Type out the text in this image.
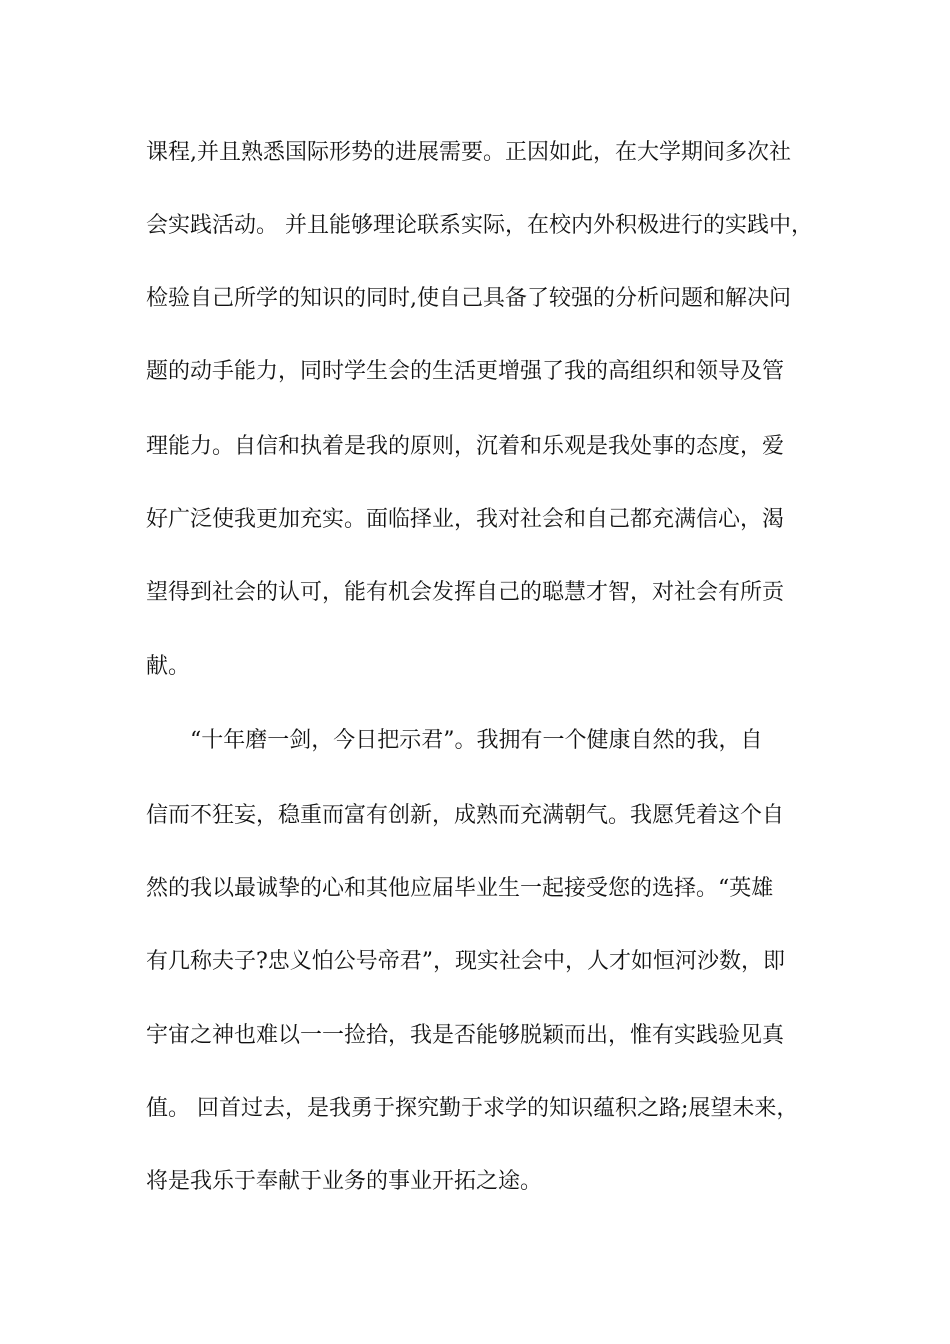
课程,并且熟悉国际形势的进展需要。正因如此，在大学期间多次社
会实践活动。 并且能够理论联系实际，在校内外积极进行的实践中，
检验自己所学的知识的同时,使自己具备了较强的分析问题和解决问
题的动手能力，同时学生会的生活更增强了我的高组织和领导及管
理能力。自信和执着是我的原则，沉着和乐观是我处事的态度，爱
好广泛使我更加充实。面临择业，我对社会和自己都充满信心，渴
望得到社会的认可，能有机会发挥自己的聪慧才智，对社会有所贡
献。
“十年磨一剑，今日把示君”。我拥有一个健康自然的我，自
信而不狂妄，稳重而富有创新，成熟而充满朝气。我愿凭着这个自
然的我以最诚挚的心和其他应届毕业生一起接受您的选择。“英雄
有几称夫子?忠义怕公号帝君”，现实社会中，人才如恒河沙数，即
宇宙之神也难以一一捡拾，我是否能够脱颖而出，惟有实践验见真
值。 回首过去，是我勇于探究勤于求学的知识蕴积之路;展望未来，
将是我乐于奉献于业务的事业开拓之途。
